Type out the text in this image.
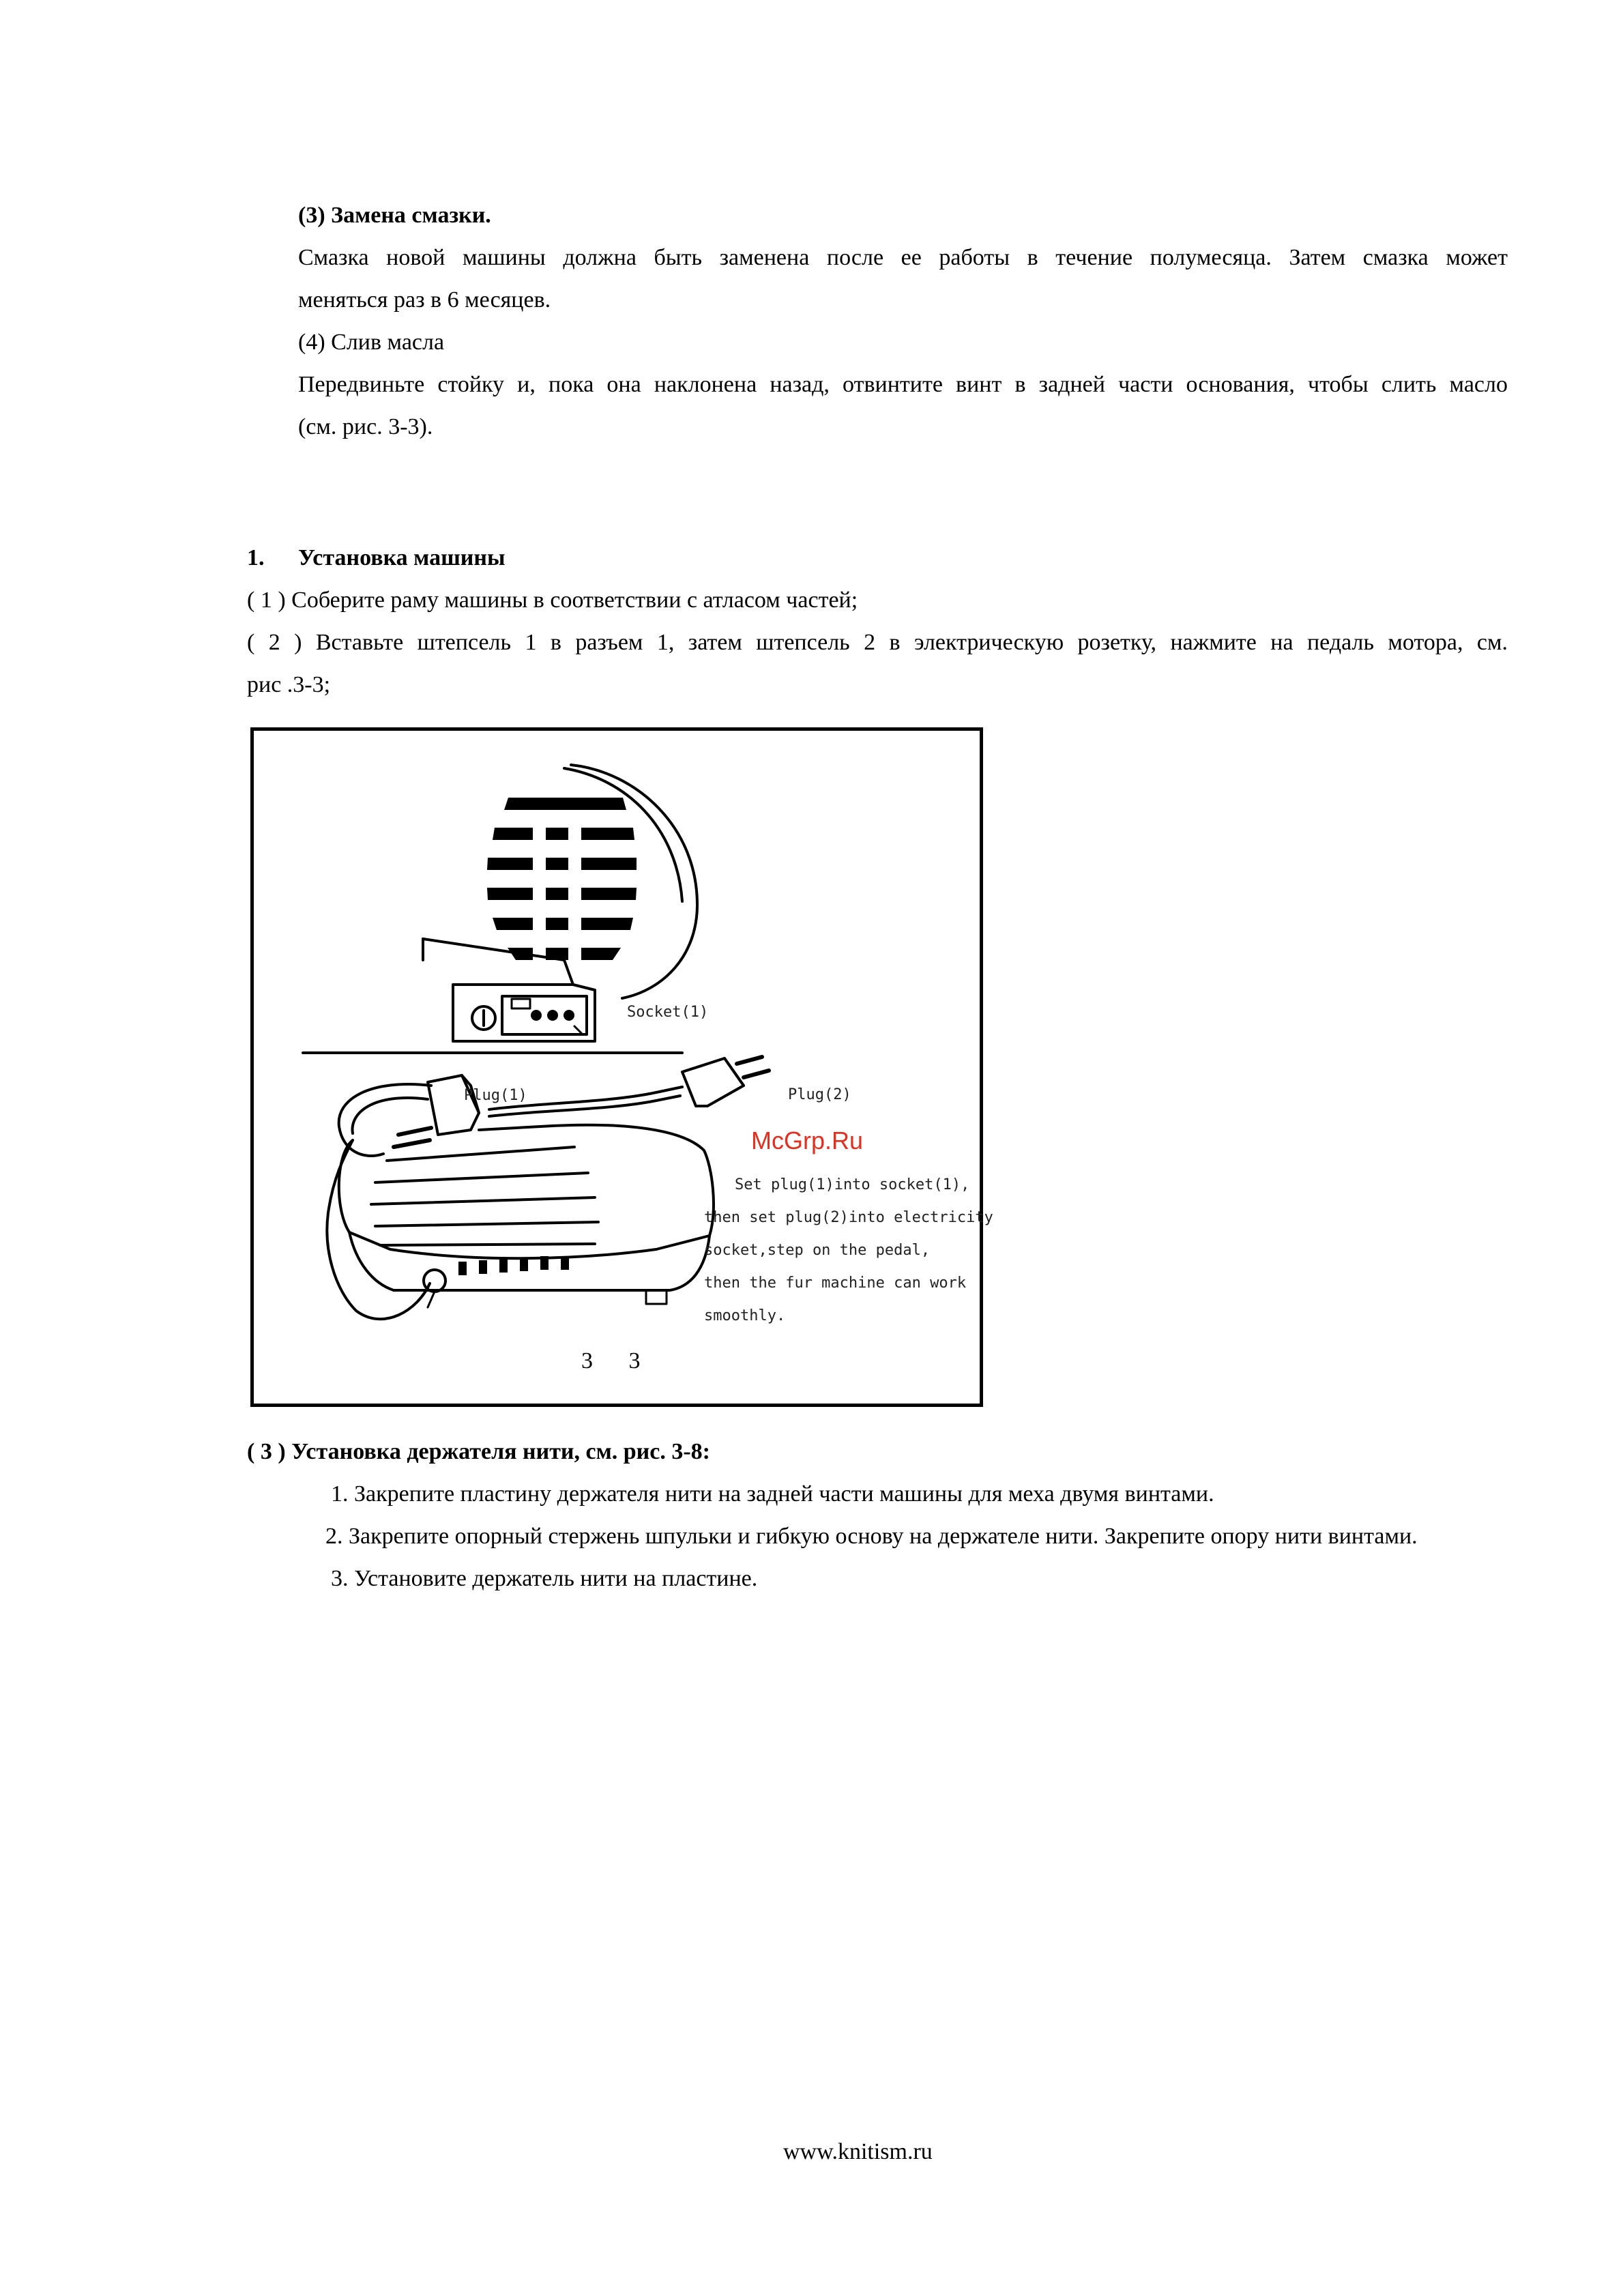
(3) Замена смазки.
Смазка новой машины должна быть заменена после ее работы в течение полумесяца. Затем смазка может
меняться раз в 6 месяцев.
(4) Слив масла
Передвиньте стойку и, пока она наклонена назад, отвинтите винт в задней части основания, чтобы слить масло
(см. рис. 3-3).
1. Установка машины
( 1 ) Соберите раму машины в соответствии с атласом частей;
( 2 ) Вставьте штепсель 1 в разъем 1, затем штепсель 2 в электрическую розетку, нажмите на педаль мотора, см.
рис .3-3;
Socket(1)
Plug(1)	Plug(2)
McGrp.Ru
Set plug(1)into socket(1),
then set plug(2)into electricity
socket,step on the pedal,
then the fur machine can work
smoothly.
3 3
( 3 ) Установка держателя нити, см. рис. 3-8:
1. Закрепите пластину держателя нити на задней части машины для меха двумя винтами.
2. Закрепите опорный стержень шпульки и гибкую основу на держателе нити. Закрепите опору нити винтами.
3. Установите держатель нити на пластине.
www.knitism.ru
